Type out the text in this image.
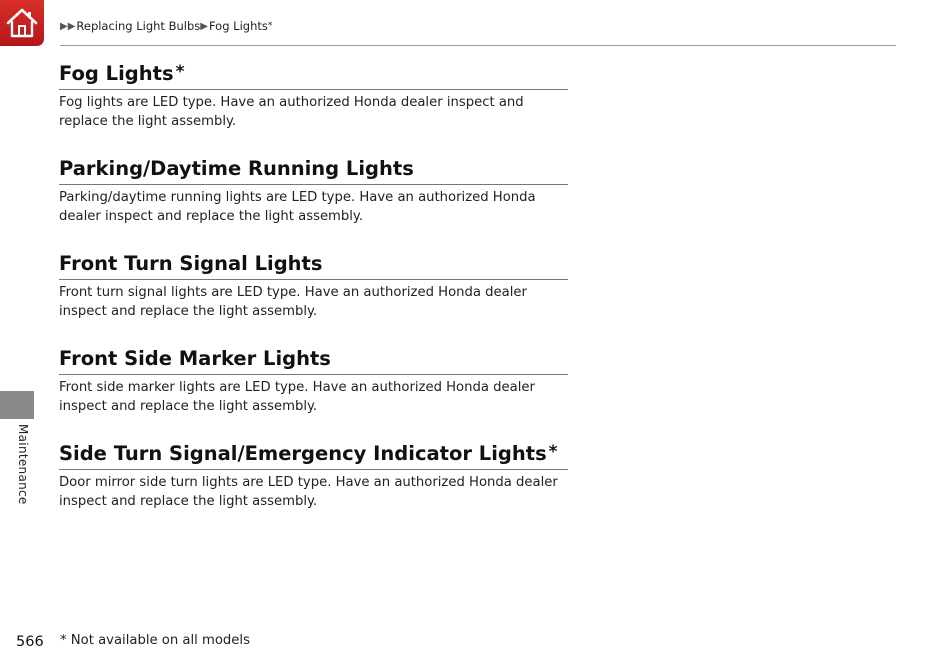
▶▶ Replacing Light Bulbs ▶ Fog Lights *
Maintenance
Fog Lights *

Fog lights are LED type. Have an authorized Honda dealer inspect and replace the light assembly.

Parking/Daytime Running Lights

Parking/daytime running lights are LED type. Have an authorized Honda dealer inspect and replace the light assembly.

Front Turn Signal Lights

Front turn signal lights are LED type. Have an authorized Honda dealer inspect and replace the light assembly.

Front Side Marker Lights

Front side marker lights are LED type. Have an authorized Honda dealer inspect and replace the light assembly.

Side Turn Signal/Emergency Indicator Lights *

Door mirror side turn lights are LED type. Have an authorized Honda dealer inspect and replace the light assembly.

566 * Not available on all models
